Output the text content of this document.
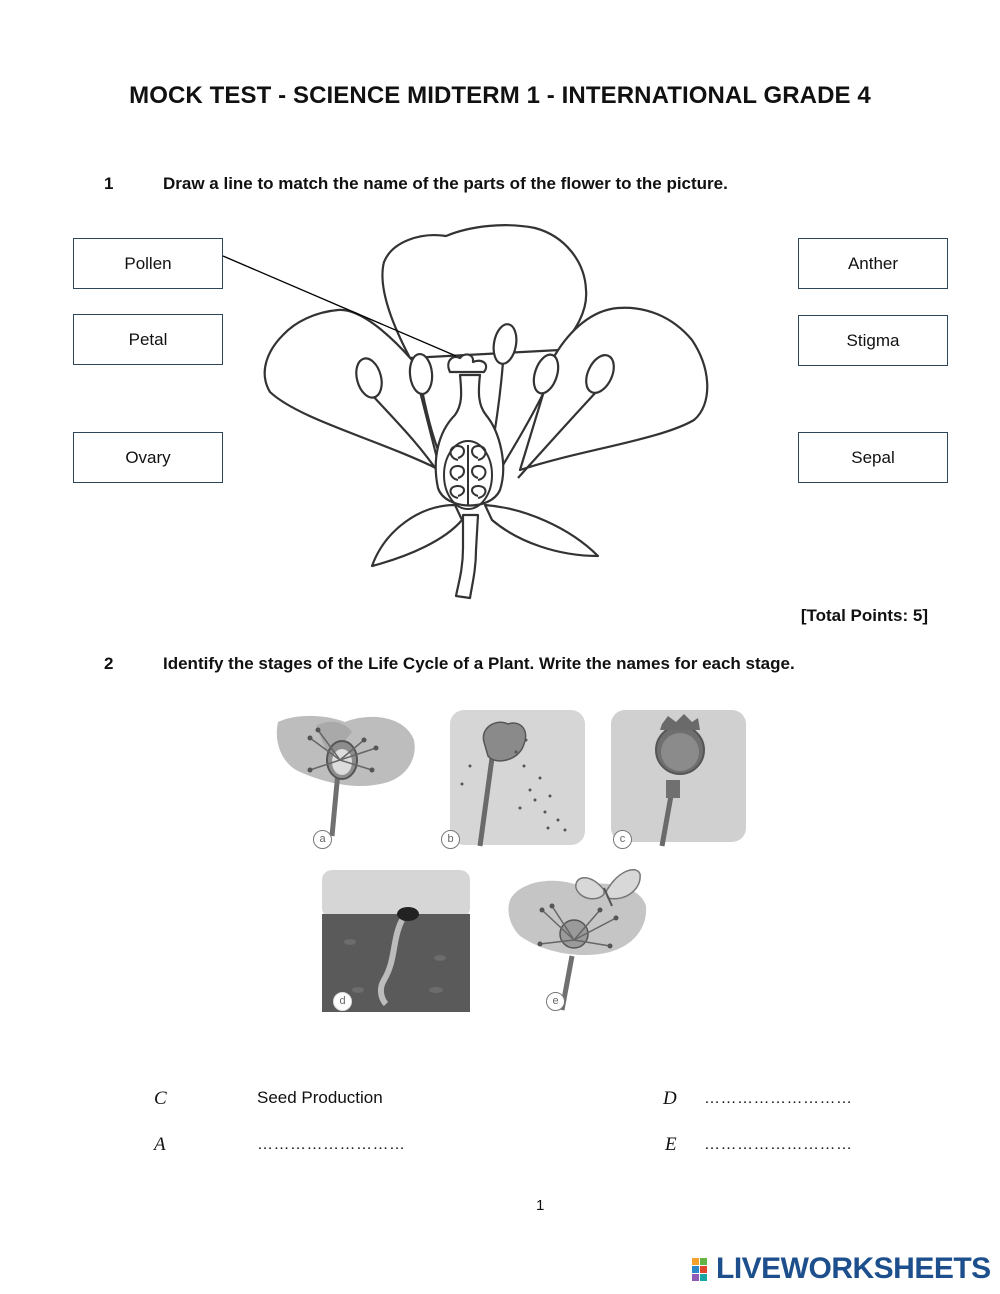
MOCK TEST - SCIENCE MIDTERM 1 - INTERNATIONAL GRADE 4
1	Draw a line to match the name of the parts of the flower to the picture.
Pollen
Petal
Ovary
Anther
Stigma
Sepal
[Total Points: 5]
2	Identify the stages of the Life Cycle of a Plant. Write the names for each stage.
a	b	c
d	e
C	Seed Production	D ………………………
A	………………………	E ………………………
1
LIVEWORKSHEETS
